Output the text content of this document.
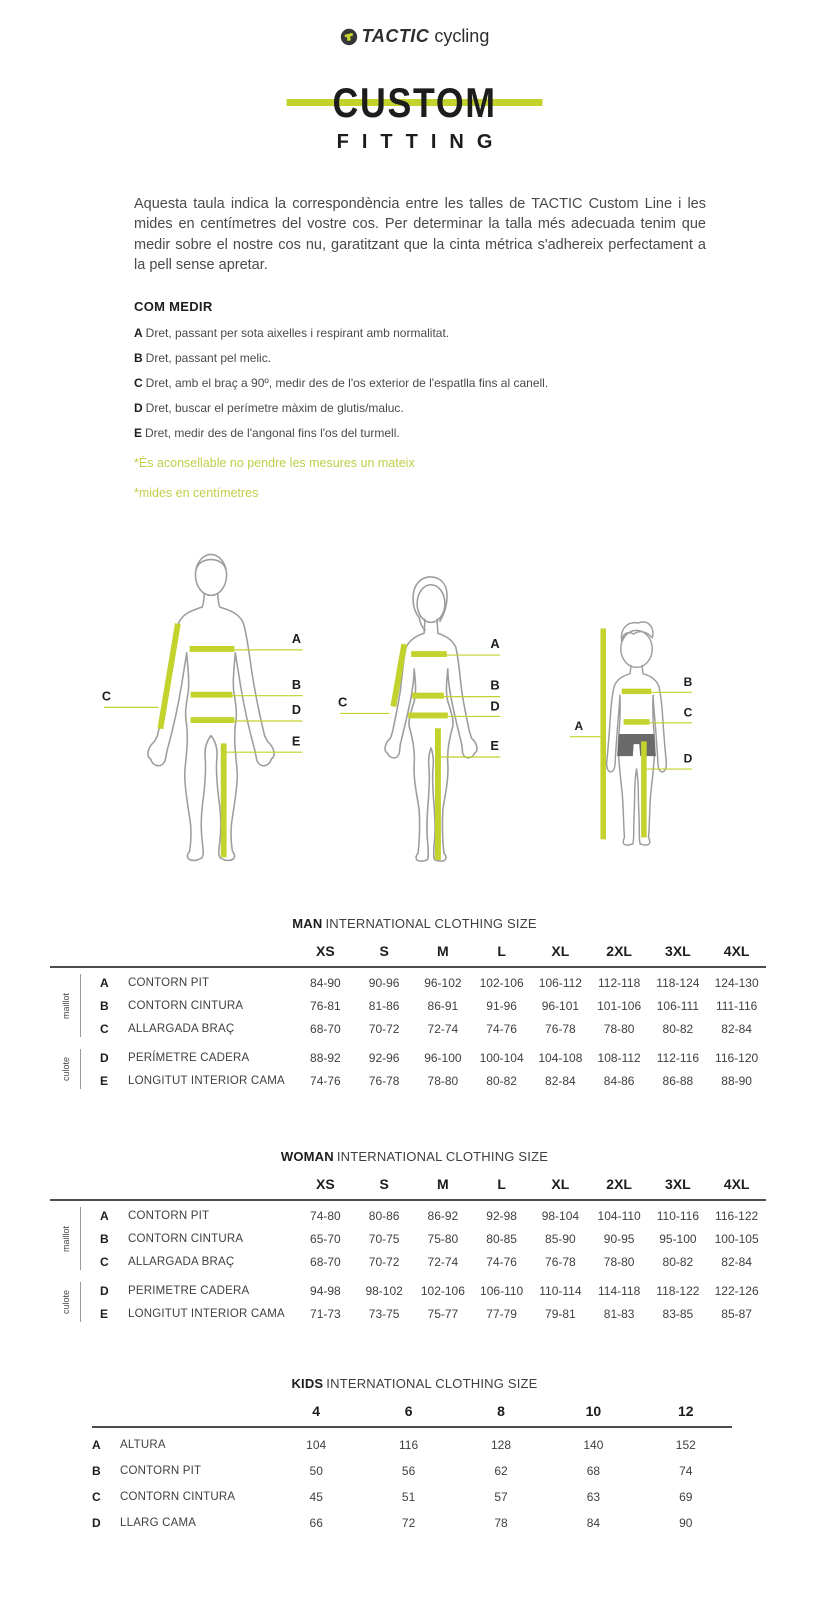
TACTIC cycling
CUSTOM
FITTING

Aquesta taula indica la correspondència entre les talles de TACTIC Custom Line i les mides en centímetres del vostre cos. Per determinar la talla més adecuada tenim que medir sobre el nostre cos nu, garatitzant que la cinta métrica s'adhereix perfectament a la pell sense apretar.

COM MEDIR

A Dret, passant per sota aixelles i respirant amb normalitat.

B Dret, passant pel melic.

C Dret, amb el braç a 90º, medir des de l'os exterior de l'espatlla fins al canell.

D Dret, buscar el perímetre màxim de glutis/maluc.

E Dret, medir des de l'angonal fins l'os del turmell.

*És aconsellable no pendre les mesures un mateix

*mides en centímetres

A
B
C
D
E
A
B
C	D
E
A
B
C
D
MAN INTERNATIONAL CLOTHING SIZE
XS	S	M	L	XL	2XL	3XL	4XL
maillot
A	CONTORN PIT	84-90	90-96	96-102	102-106	106-112	112-118	118-124	124-130
B	CONTORN CINTURA	76-81	81-86	86-91	91-96	96-101	101-106	106-111	111-116
C	ALLARGADA BRAÇ	68-70	70-72	72-74	74-76	76-78	78-80	80-82	82-84
culote D	PERÍMETRE CADERA	88-92	92-96	96-100	100-104	104-108	108-112	112-116	116-120
E	LONGITUT INTERIOR CAMA	74-76	76-78	78-80	80-82	82-84	84-86	86-88	88-90
WOMAN INTERNATIONAL CLOTHING SIZE
XS	S	M	L	XL	2XL	3XL	4XL
maillot
A	CONTORN PIT	74-80	80-86	86-92	92-98	98-104	104-110	110-116	116-122
B	CONTORN CINTURA	65-70	70-75	75-80	80-85	85-90	90-95	95-100	100-105
C	ALLARGADA BRAÇ	68-70	70-72	72-74	74-76	76-78	78-80	80-82	82-84
culote D	PERIMETRE CADERA	94-98	98-102	102-106	106-110	110-114	114-118	118-122	122-126
E	LONGITUT INTERIOR CAMA	71-73	73-75	75-77	77-79	79-81	81-83	83-85	85-87
KIDS INTERNATIONAL CLOTHING SIZE
4	6	8	10	12
A	ALTURA	104	116	128	140	152
B	CONTORN PIT	50	56	62	68	74
C	CONTORN CINTURA	45	51	57	63	69
D	LLARG CAMA	66	72	78	84	90
